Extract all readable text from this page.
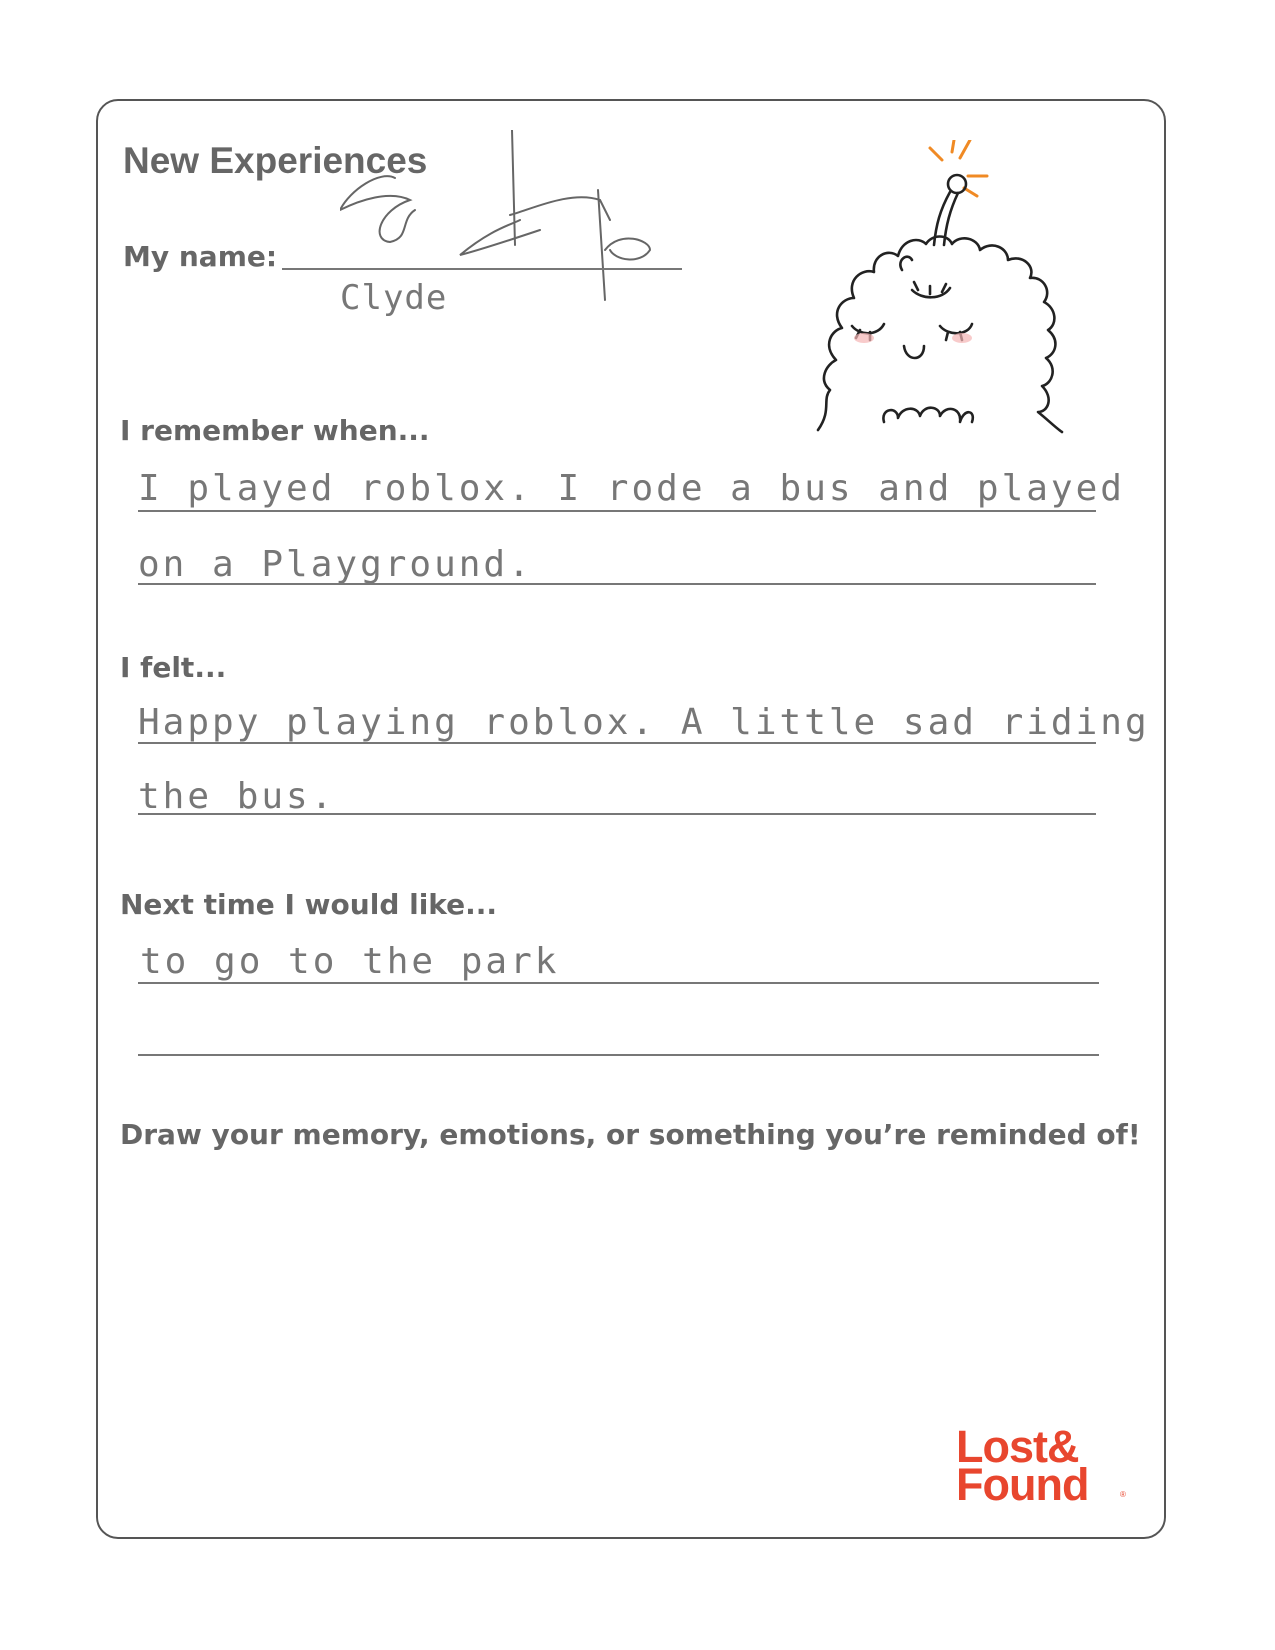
New Experiences
My name:
Clyde
I remember when...
I played roblox. I rode a bus and played
on a Playground.
I felt...
Happy playing roblox. A little sad riding
the bus.
Next time I would like...
to go to the park
Draw your memory, emotions, or something you’re reminded of!
Lost&
Found	®
